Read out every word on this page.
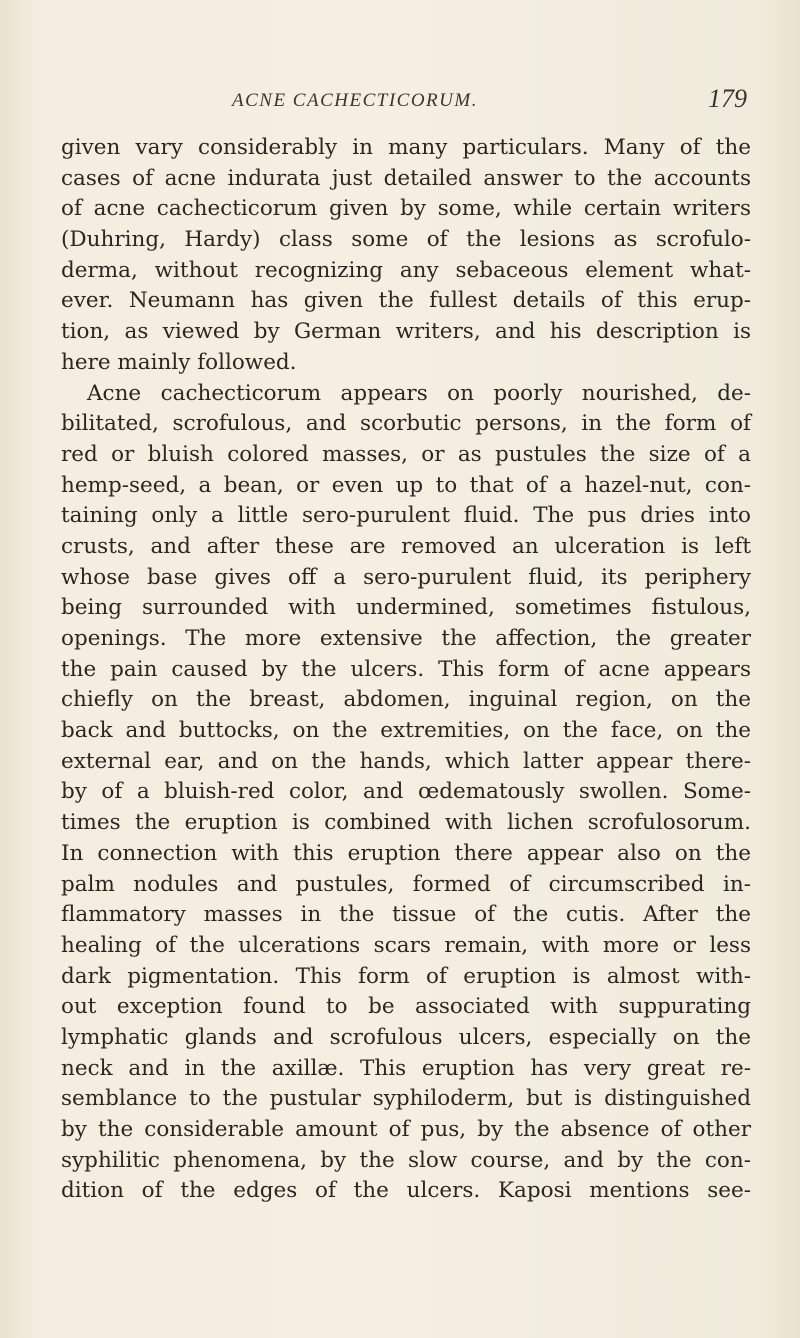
ACNE CACHECTICORUM.	179
given vary considerably in many particulars. Many of the
cases of acne indurata just detailed answer to the accounts
of acne cachecticorum given by some, while certain writers
(Duhring, Hardy) class some of the lesions as scrofulo-
derma, without recognizing any sebaceous element what-
ever. Neumann has given the fullest details of this erup-
tion, as viewed by German writers, and his description is
here mainly followed.
Acne cachecticorum appears on poorly nourished, de-
bilitated, scrofulous, and scorbutic persons, in the form of
red or bluish colored masses, or as pustules the size of a
hemp-seed, a bean, or even up to that of a hazel-nut, con-
taining only a little sero-purulent fluid. The pus dries into
crusts, and after these are removed an ulceration is left
whose base gives off a sero-purulent fluid, its periphery
being surrounded with undermined, sometimes fistulous,
openings. The more extensive the affection, the greater
the pain caused by the ulcers. This form of acne appears
chiefly on the breast, abdomen, inguinal region, on the
back and buttocks, on the extremities, on the face, on the
external ear, and on the hands, which latter appear there-
by of a bluish-red color, and œdematously swollen. Some-
times the eruption is combined with lichen scrofulosorum.
In connection with this eruption there appear also on the
palm nodules and pustules, formed of circumscribed in-
flammatory masses in the tissue of the cutis. After the
healing of the ulcerations scars remain, with more or less
dark pigmentation. This form of eruption is almost with-
out exception found to be associated with suppurating
lymphatic glands and scrofulous ulcers, especially on the
neck and in the axillæ. This eruption has very great re-
semblance to the pustular syphiloderm, but is distinguished
by the considerable amount of pus, by the absence of other
syphilitic phenomena, by the slow course, and by the con-
dition of the edges of the ulcers. Kaposi mentions see-
